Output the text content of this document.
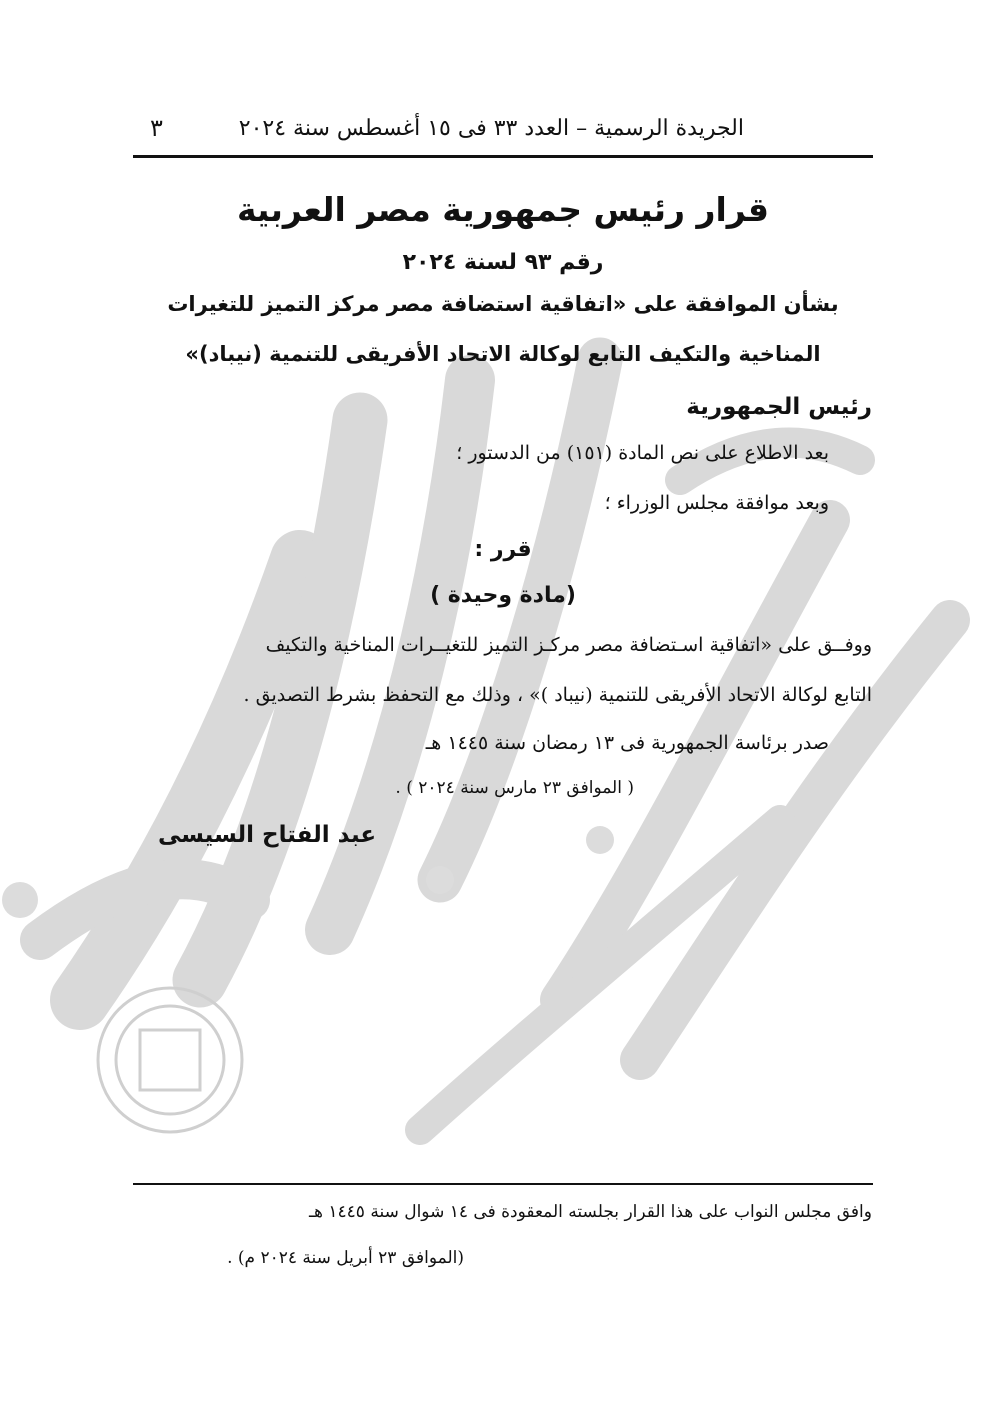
الجريدة الرسمية – العدد ٣٣ فى ١٥ أغسطس سنة ٢٠٢٤
٣
قرار رئيس جمهورية مصر العربية
رقم ٩٣ لسنة ٢٠٢٤
بشأن الموافقة على «اتفاقية استضافة مصر مركز التميز للتغيرات
المناخية والتكيف التابع لوكالة الاتحاد الأفريقى للتنمية (نيباد)»
رئيس الجمهورية
بعد الاطلاع على نص المادة (١٥١) من الدستور ؛
وبعد موافقة مجلس الوزراء ؛
قرر :
(مادة وحيدة )
ووفــق على «اتفاقية اسـتضافة مصر مركـز التميز للتغيــرات المناخية والتكيف
التابع لوكالة الاتحاد الأفريقى للتنمية (نيباد )» ، وذلك مع التحفظ بشرط التصديق .
صدر برئاسة الجمهورية فى ١٣ رمضان سنة ١٤٤٥ هـ
( الموافق ٢٣ مارس سنة ٢٠٢٤ ) .
عبد الفتاح السيسى
وافق مجلس النواب على هذا القرار بجلسته المعقودة فى ١٤ شوال سنة ١٤٤٥ هـ
(الموافق ٢٣ أبريل سنة ٢٠٢٤ م) .
